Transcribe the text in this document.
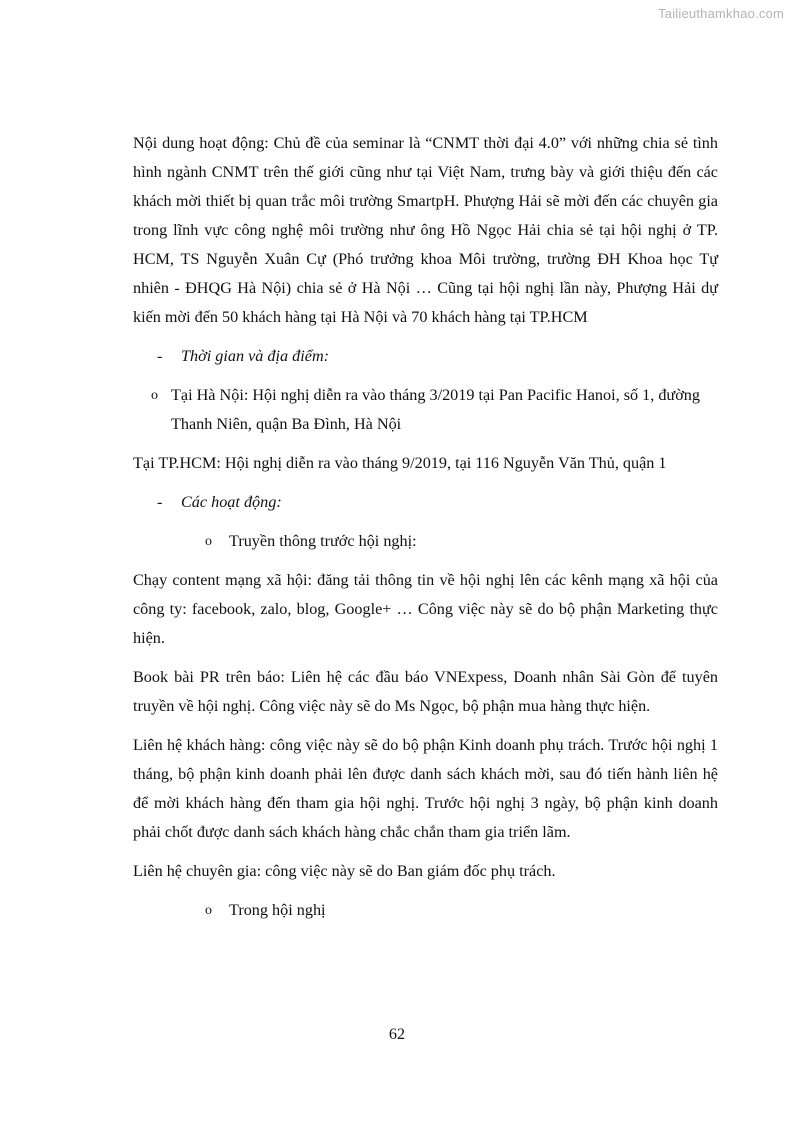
Tailieuthamkhao.com

Nội dung hoạt động: Chủ đề của seminar là “CNMT thời đại 4.0” với những chia sẻ tình hình ngành CNMT trên thế giới cũng như tại Việt Nam, trưng bày và giới thiệu đến các khách mời thiết bị quan trắc môi trường SmartpH. Phượng Hải sẽ mời đến các chuyên gia trong lĩnh vực công nghệ môi trường như ông Hồ Ngọc Hải chia sẻ tại hội nghị ở TP. HCM, TS Nguyễn Xuân Cự (Phó trưởng khoa Môi trường, trường ĐH Khoa học Tự nhiên - ĐHQG Hà Nội) chia sẻ ở Hà Nội … Cũng tại hội nghị lần này, Phượng Hải dự kiến mời đến 50 khách hàng tại Hà Nội và 70 khách hàng tại TP.HCM

- Thời gian và địa điểm:
o Tại Hà Nội: Hội nghị diễn ra vào tháng 3/2019 tại Pan Pacific Hanoi, số 1, đường Thanh Niên, quận Ba Đình, Hà Nội

Tại TP.HCM: Hội nghị diễn ra vào tháng 9/2019, tại 116 Nguyễn Văn Thủ, quận 1

- Các hoạt động:
o Truyền thông trước hội nghị:

Chạy content mạng xã hội: đăng tải thông tin về hội nghị lên các kênh mạng xã hội của công ty: facebook, zalo, blog, Google+ … Công việc này sẽ do bộ phận Marketing thực hiện.

Book bài PR trên báo: Liên hệ các đầu báo VNExpess, Doanh nhân Sài Gòn để tuyên truyền về hội nghị. Công việc này sẽ do Ms Ngọc, bộ phận mua hàng thực hiện.

Liên hệ khách hàng: công việc này sẽ do bộ phận Kinh doanh phụ trách. Trước hội nghị 1 tháng, bộ phận kinh doanh phải lên được danh sách khách mời, sau đó tiến hành liên hệ để mời khách hàng đến tham gia hội nghị. Trước hội nghị 3 ngày, bộ phận kinh doanh phải chốt được danh sách khách hàng chắc chắn tham gia triển lãm.

Liên hệ chuyên gia: công việc này sẽ do Ban giám đốc phụ trách.

o Trong hội nghị
62
